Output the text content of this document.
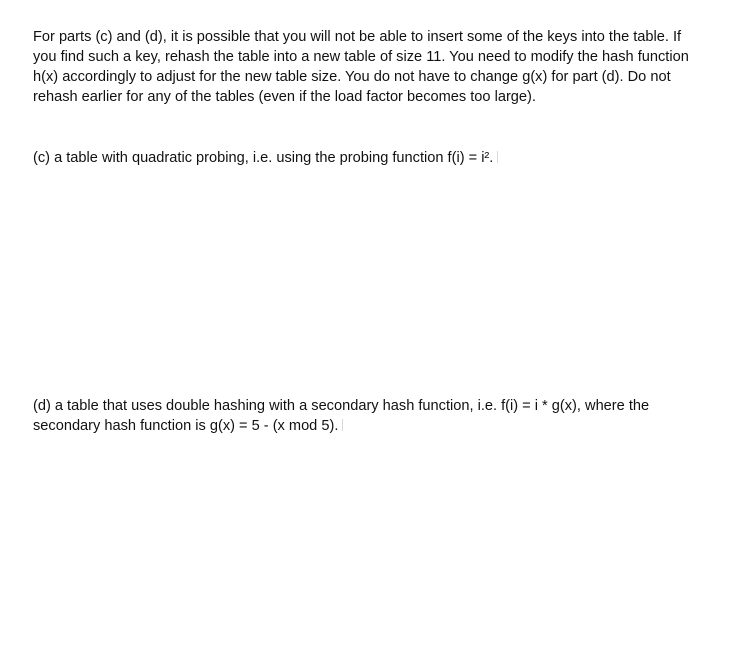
For parts (c) and (d), it is possible that you will not be able to insert some of the keys into the table. If you find such a key, rehash the table into a new table of size 11. You need to modify the hash function h(x) accordingly to adjust for the new table size. You do not have to change g(x) for part (d). Do not rehash earlier for any of the tables (even if the load factor becomes too large).

(c) a table with quadratic probing, i.e. using the probing function f(i) = i².

(d) a table that uses double hashing with a secondary hash function, i.e. f(i) = i * g(x), where the secondary hash function is g(x) = 5 - (x mod 5).
